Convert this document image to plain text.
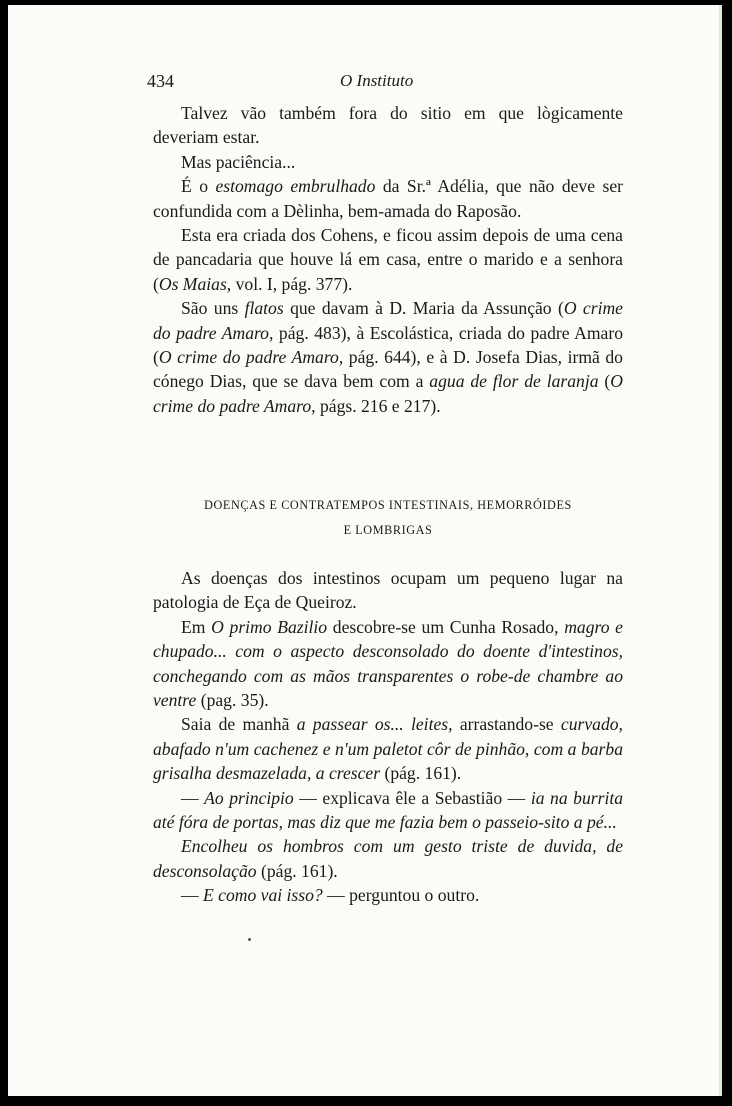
434	O Instituto

Talvez vão também fora do sitio em que lògicamente deveriam estar.

Mas paciência...

É o estomago embrulhado da Sr.ª Adélia, que não deve ser confundida com a Dèlinha, bem-amada do Raposão.

Esta era criada dos Cohens, e ficou assim depois de uma cena de pancadaria que houve lá em casa, entre o marido e a senhora (Os Maias, vol. I, pág. 377).

São uns flatos que davam à D. Maria da Assunção (O crime do padre Amaro, pág. 483), à Escolástica, criada do padre Amaro (O crime do padre Amaro, pág. 644), e à D. Josefa Dias, irmã do cónego Dias, que se dava bem com a agua de flor de laranja (O crime do padre Amaro, págs. 216 e 217).

DOENÇAS E CONTRATEMPOS INTESTINAIS, HEMORRÓIDES
E LOMBRIGAS

As doenças dos intestinos ocupam um pequeno lugar na patologia de Eça de Queiroz.

Em O primo Bazilio descobre-se um Cunha Rosado, magro e chupado... com o aspecto desconsolado do doente d'intestinos, conchegando com as mãos transparentes o robe-de chambre ao ventre (pag. 35).

Saia de manhã a passear os... leites, arrastando-se curvado, abafado n'um cachenez e n'um paletot côr de pinhão, com a barba grisalha desmazelada, a crescer (pág. 161).

— Ao principio — explicava êle a Sebastião — ia na burrita até fóra de portas, mas diz que me fazia bem o passeio-sito a pé...

Encolheu os hombros com um gesto triste de duvida, de desconsolação (pág. 161).

— E como vai isso? — perguntou o outro.
